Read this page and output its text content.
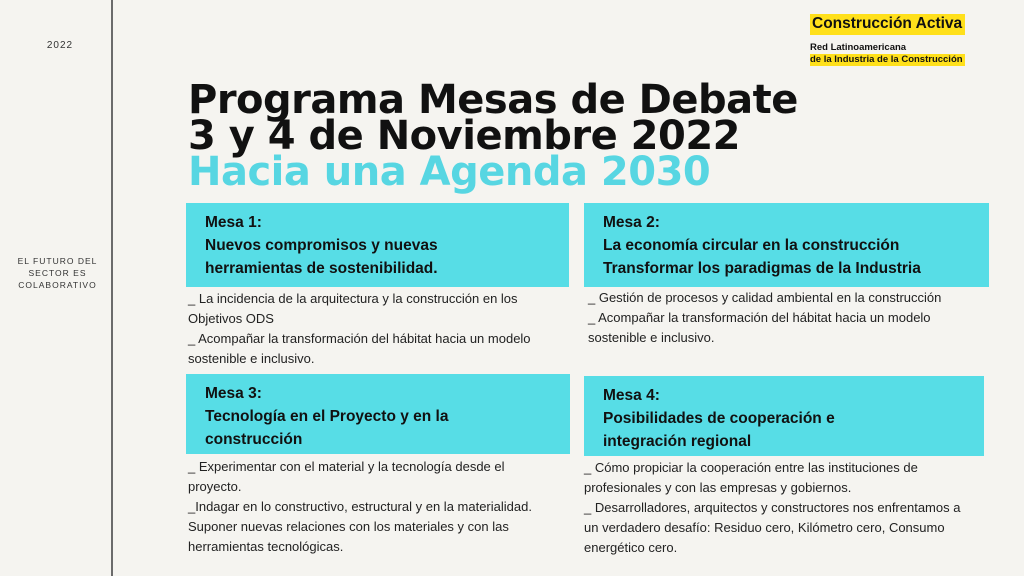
2022
EL FUTURO DEL
SECTOR ES
COLABORATIVO
Construcción Activa
Red Latinoamericana
de la Industria de la Construcción
Programa Mesas de Debate
3 y 4 de Noviembre 2022
Hacia una Agenda 2030
Mesa 1:
Nuevos compromisos y nuevas
herramientas de sostenibilidad.

_ La incidencia de la arquitectura y la construcción en los Objetivos ODS

_ Acompañar la transformación del hábitat hacia un modelo sostenible e inclusivo.

Mesa 2:
La economía circular en la construcción
Transformar los paradigmas de la Industria

_ Gestión de procesos y calidad ambiental en la construcción

_ Acompañar la transformación del hábitat hacia un modelo sostenible e inclusivo.

Mesa 3:
Tecnología en el Proyecto y en la
construcción

_ Experimentar con el material y la tecnología desde el proyecto.

_Indagar en lo constructivo, estructural y en la materialidad. Suponer nuevas relaciones con los materiales y con las herramientas tecnológicas.

Mesa 4:
Posibilidades de cooperación e
integración regional

_ Cómo propiciar la cooperación entre las instituciones de profesionales y con las empresas y gobiernos.

_ Desarrolladores, arquitectos y constructores nos enfrentamos a un verdadero desafío: Residuo cero, Kilómetro cero, Consumo energético cero.
